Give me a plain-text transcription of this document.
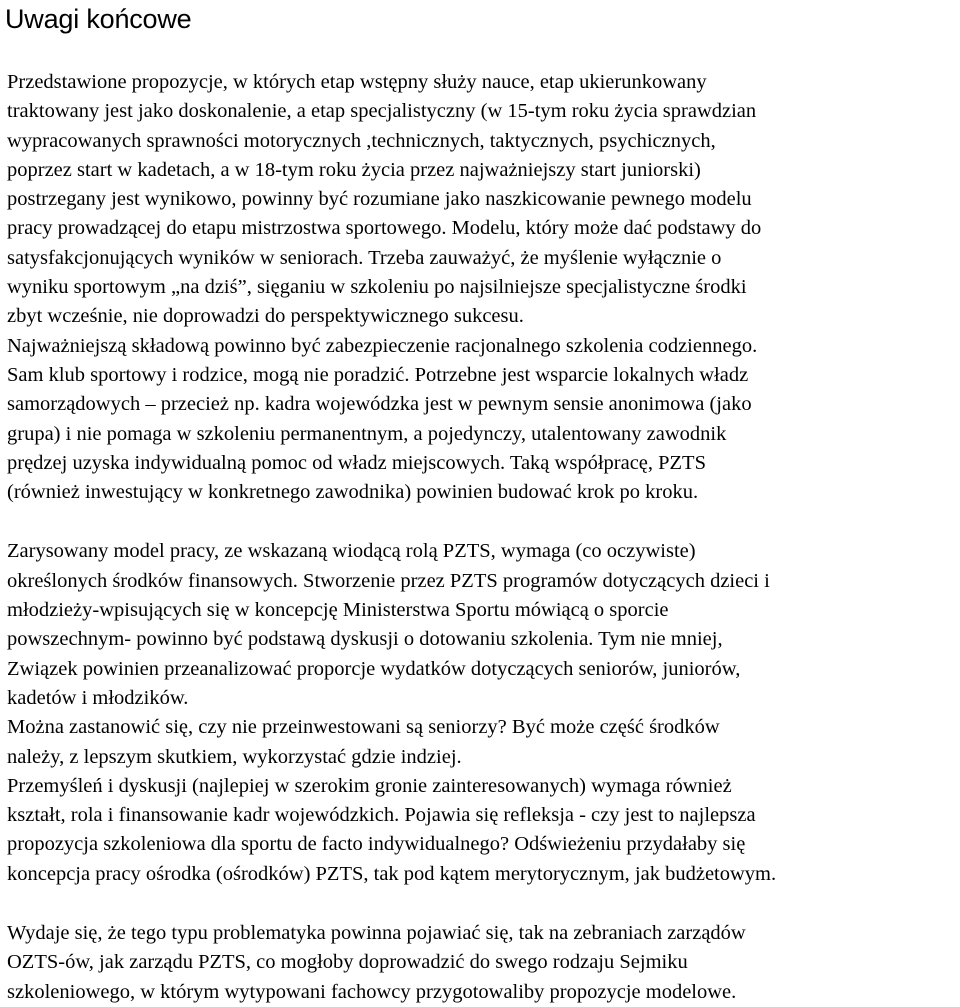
Uwagi końcowe
Przedstawione propozycje, w których etap wstępny służy nauce, etap ukierunkowany
traktowany jest jako doskonalenie, a etap specjalistyczny (w 15-tym roku życia sprawdzian
wypracowanych sprawności motorycznych ,technicznych, taktycznych, psychicznych,
poprzez start w kadetach, a w 18-tym roku życia przez najważniejszy start juniorski)
postrzegany jest wynikowo, powinny być rozumiane jako naszkicowanie pewnego modelu
pracy prowadzącej do etapu mistrzostwa sportowego. Modelu, który może dać podstawy do
satysfakcjonujących wyników w seniorach. Trzeba zauważyć, że myślenie wyłącznie o
wyniku sportowym „na dziś”, sięganiu w szkoleniu po najsilniejsze specjalistyczne środki
zbyt wcześnie, nie doprowadzi do perspektywicznego sukcesu.
Najważniejszą składową powinno być zabezpieczenie racjonalnego szkolenia codziennego.
Sam klub sportowy i rodzice, mogą nie poradzić. Potrzebne jest wsparcie lokalnych władz
samorządowych – przecież np. kadra wojewódzka jest w pewnym sensie anonimowa (jako
grupa) i nie pomaga w szkoleniu permanentnym, a pojedynczy, utalentowany zawodnik
prędzej uzyska indywidualną pomoc od władz miejscowych. Taką współpracę, PZTS
(również inwestujący w konkretnego zawodnika) powinien budować krok po kroku.
Zarysowany model pracy, ze wskazaną wiodącą rolą PZTS, wymaga (co oczywiste)
określonych środków finansowych. Stworzenie przez PZTS programów dotyczących dzieci i
młodzieży-wpisujących się w koncepcję Ministerstwa Sportu mówiącą o sporcie
powszechnym- powinno być podstawą dyskusji o dotowaniu szkolenia. Tym nie mniej,
Związek powinien przeanalizować proporcje wydatków dotyczących seniorów, juniorów,
kadetów i młodzików.
Można zastanowić się, czy nie przeinwestowani są seniorzy? Być może część środków
należy, z lepszym skutkiem, wykorzystać gdzie indziej.
Przemyśleń i dyskusji (najlepiej w szerokim gronie zainteresowanych) wymaga również
kształt, rola i finansowanie kadr wojewódzkich. Pojawia się refleksja - czy jest to najlepsza
propozycja szkoleniowa dla sportu de facto indywidualnego? Odświeżeniu przydałaby się
koncepcja pracy ośrodka (ośrodków) PZTS, tak pod kątem merytorycznym, jak budżetowym.
Wydaje się, że tego typu problematyka powinna pojawiać się, tak na zebraniach zarządów
OZTS-ów, jak zarządu PZTS, co mogłoby doprowadzić do swego rodzaju Sejmiku
szkoleniowego, w którym wytypowani fachowcy przygotowaliby propozycje modelowe.
